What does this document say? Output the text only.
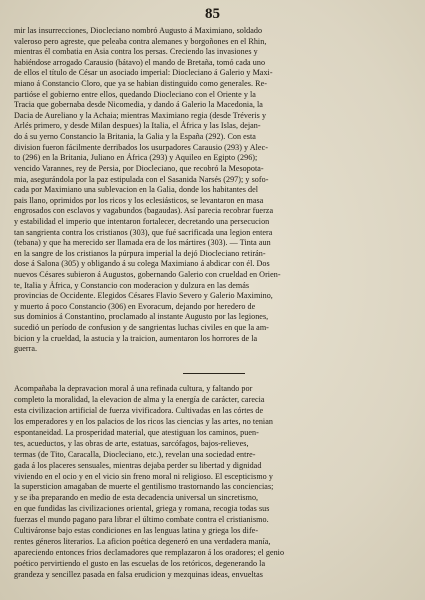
85
mir las insurrecciones, Diocleciano nombró Augusto á Maximiano, soldado
valeroso pero agreste, que peleaba contra alemanes y borgoñones en el Rhin,
mientras él combatia en Asia contra los persas. Creciendo las invasiones y
habiéndose arrogado Carausio (bátavo) el mando de Bretaña, tomó cada uno
de ellos el título de César un asociado imperial: Diocleciano á Galerio y Maxi-
miano á Constancio Cloro, que ya se habian distinguido como generales. Re-
partióse el gobierno entre ellos, quedando Diocleciano con el Oriente y la
Tracia que gobernaba desde Nicomedia, y dando á Galerio la Macedonia, la
Dacia de Aureliano y la Achaia; mientras Maximiano regia (desde Tréveris y
Arlés primero, y desde Milan despues) la Italia, el África y las Islas, dejan-
do á su yerno Constancio la Britania, la Galia y la España (292). Con esta
division fueron fácilmente derribados los usurpadores Carausio (293) y Alec-
to (296) en la Britania, Juliano en África (293) y Aquileo en Egipto (296);
vencido Varannes, rey de Persia, por Diocleciano, que recobró la Mesopota-
mia, asegurándola por la paz estipulada con el Sasanida Narsés (297); y sofo-
cada por Maximiano una sublevacion en la Galia, donde los habitantes del
pais llano, oprimidos por los ricos y los eclesiásticos, se levantaron en masa
engrosados con esclavos y vagabundos (bagaudas). Así parecia recobrar fuerza
y estabilidad el imperio que intentaron fortalecer, decretando una persecucion
tan sangrienta contra los cristianos (303), que fué sacrificada una legion entera
(tebana) y que ha merecido ser llamada era de los mártires (303). — Tinta aun
en la sangre de los cristianos la púrpura imperial la dejó Diocleciano retirán-
dose á Salona (305) y obligando á su colega Maximiano á abdicar con él. Dos
nuevos Césares subieron á Augustos, gobernando Galerio con crueldad en Orien-
te, Italia y África, y Constancio con moderacion y dulzura en las demás
provincias de Occidente. Elegidos Césares Flavio Severo y Galerio Maximino,
y muerto á poco Constancio (306) en Evoracum, dejando por heredero de
sus dominios á Constantino, proclamado al instante Augusto por las legiones,
sucedió un período de confusion y de sangrientas luchas civiles en que la am-
bicion y la crueldad, la astucia y la traicion, aumentaron los horrores de la
guerra.
Acompañaba la depravacion moral á una refinada cultura, y faltando por
completo la moralidad, la elevacion de alma y la energía de carácter, carecia
esta civilizacion artificial de fuerza vivificadora. Cultivadas en las córtes de
los emperadores y en los palacios de los ricos las ciencias y las artes, no tenian
espontaneidad. La prosperidad material, que atestiguan los caminos, puen-
tes, acueductos, y las obras de arte, estatuas, sarcófagos, bajos-relieves,
termas (de Tito, Caracalla, Diocleciano, etc.), revelan una sociedad entre-
gada á los placeres sensuales, mientras dejaba perder su libertad y dignidad
viviendo en el ocio y en el vicio sin freno moral ni religioso. El escepticismo y
la supersticion amagaban de muerte el gentilismo trastornando las conciencias;
y se iba preparando en medio de esta decadencia universal un sincretismo,
en que fundidas las civilizaciones oriental, griega y romana, recogia todas sus
fuerzas el mundo pagano para librar el último combate contra el cristianismo.
Cultiváronse bajo estas condiciones en las lenguas latina y griega los dife-
rentes géneros literarios. La aficion poética degeneró en una verdadera manía,
apareciendo entonces frios declamadores que remplazaron á los oradores; el genio
poético pervirtiendo el gusto en las escuelas de los retóricos, degenerando la
grandeza y sencillez pasada en falsa erudicion y mezquinas ideas, envueltas
